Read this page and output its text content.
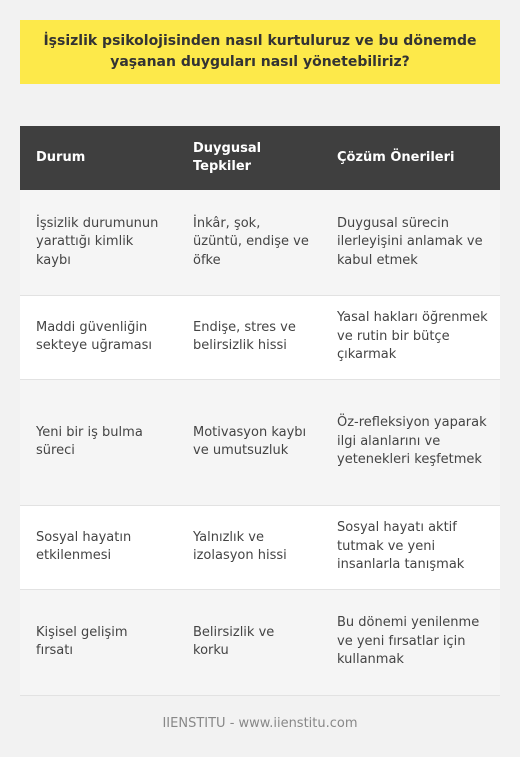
İşsizlik psikolojisinden nasıl kurtuluruz ve bu dönemde yaşanan duyguları nasıl yönetebiliriz?
Durum	Duygusal Tepkiler	Çözüm Önerileri
İşsizlik durumunun yarattığı kimlik kaybı	İnkâr, şok, üzüntü, endişe ve öfke	Duygusal sürecin ilerleyişini anlamak ve kabul etmek
Maddi güvenliğin sekteye uğraması	Endişe, stres ve belirsizlik hissi	Yasal hakları öğrenmek ve rutin bir bütçe çıkarmak
Yeni bir iş bulma süreci	Motivasyon kaybı ve umutsuzluk	Öz-refleksiyon yaparak ilgi alanlarını ve yetenekleri keşfetmek
Sosyal hayatın etkilenmesi	Yalnızlık ve izolasyon hissi	Sosyal hayatı aktif tutmak ve yeni insanlarla tanışmak
Kişisel gelişim fırsatı	Belirsizlik ve korku	Bu dönemi yenilenme ve yeni fırsatlar için kullanmak
IIENSTITU - www.iienstitu.com
